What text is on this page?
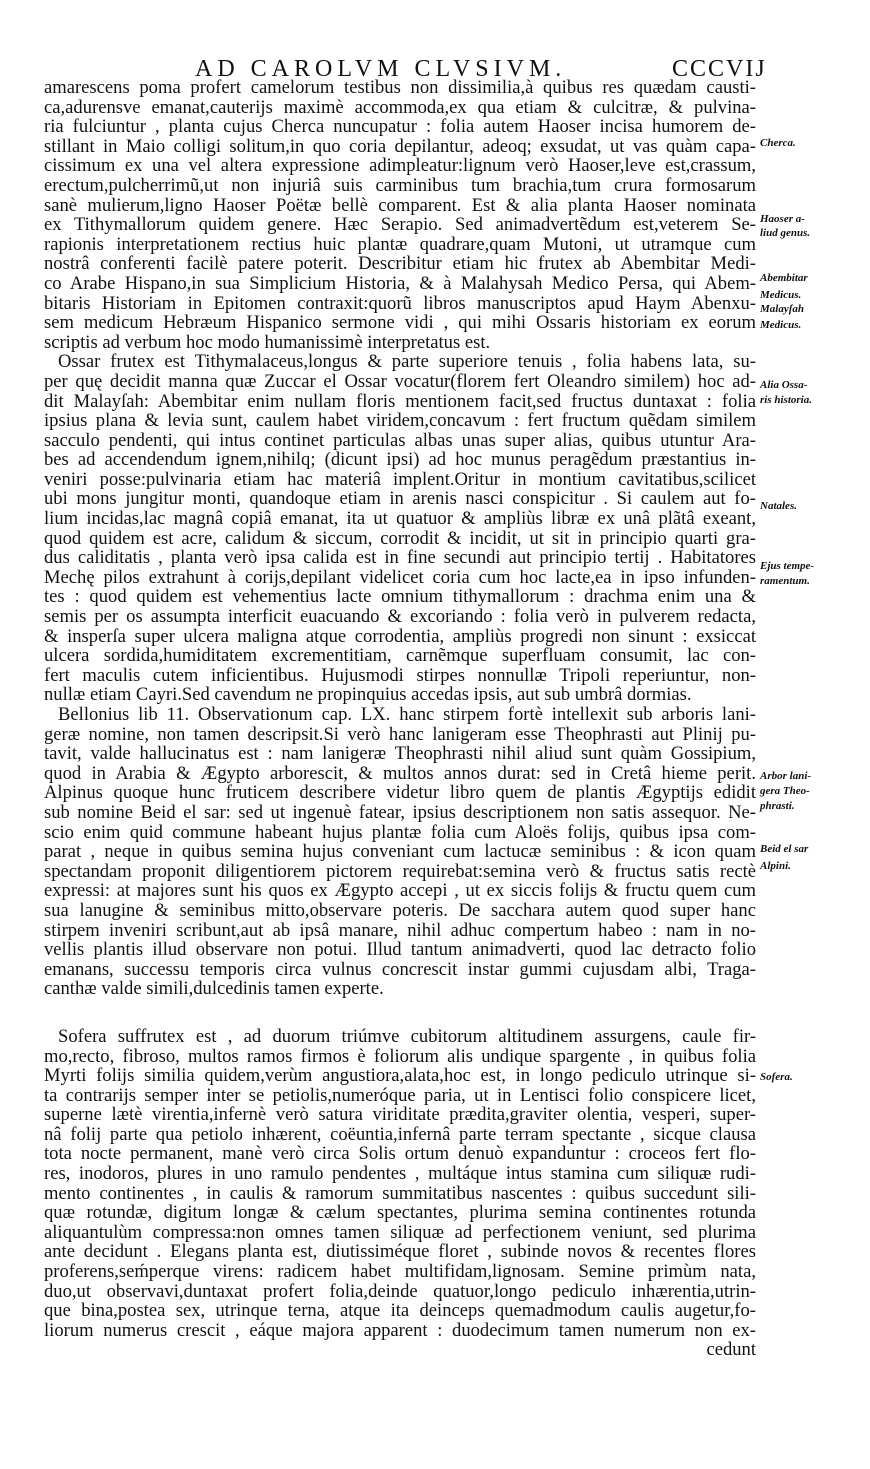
AD CAROLVM CLVSIVM.	CCCVIJ
amarescens poma profert camelorum testibus non dissimilia,à quibus res quædam causti-
ca,adurensve emanat,cauterijs maximè accommoda,ex qua etiam & culcitræ, & pulvina-
ria fulciuntur , planta cujus Cherca nuncupatur : folia autem Haoser incisa humorem de-
stillant in Maio colligi solitum,in quo coria depilantur, adeoq; exsudat, ut vas quàm capa-
cissimum ex una vel altera expressione adimpleatur:lignum verò Haoser,leve est,crassum,
erectum,pulcherrimũ,ut non injuriâ suis carminibus tum brachia,tum crura formosarum
sanè mulierum,ligno Haoser Poëtæ bellè comparent. Est & alia planta Haoser nominata
ex Tithymallorum quidem genere. Hæc Serapio. Sed animadvertẽdum est,veterem Se-
rapionis interpretationem rectius huic plantæ quadrare,quam Mutoni, ut utramque cum
nostrâ conferenti facilè patere poterit. Describitur etiam hic frutex ab Abembitar Medi-
co Arabe Hispano,in sua Simplicium Historia, & à Malahysah Medico Persa, qui Abem-
bitaris Historiam in Epitomen contraxit:quorũ libros manuscriptos apud Haym Abenxu-
sem medicum Hebræum Hispanico sermone vidi , qui mihi Ossaris historiam ex eorum
scriptis ad verbum hoc modo humanissimè interpretatus est.
Ossar frutex est Tithymalaceus,longus & parte superiore tenuis , folia habens lata, su-
per quę decidit manna quæ Zuccar el Ossar vocatur(florem fert Oleandro similem) hoc ad-
dit Malayſah: Abembitar enim nullam floris mentionem facit,sed fructus duntaxat : folia
ipsius plana & levia sunt, caulem habet viridem,concavum : fert fructum quẽdam similem
sacculo pendenti, qui intus continet particulas albas unas super alias, quibus utuntur Ara-
bes ad accendendum ignem,nihilq; (dicunt ipsi) ad hoc munus peragẽdum præstantius in-
veniri posse:pulvinaria etiam hac materiâ implent.Oritur in montium cavitatibus,scilicet
ubi mons jungitur monti, quandoque etiam in arenis nasci conspicitur . Si caulem aut fo-
lium incidas,lac magnâ copiâ emanat, ita ut quatuor & ampliùs libræ ex unâ plãtâ exeant,
quod quidem est acre, calidum & siccum, corrodit & incidit, ut sit in principio quarti gra-
dus caliditatis , planta verò ipsa calida est in fine secundi aut principio tertij . Habitatores
Mechę pilos extrahunt à corijs,depilant videlicet coria cum hoc lacte,ea in ipso infunden-
tes : quod quidem est vehementius lacte omnium tithymallorum : drachma enim una &
semis per os assumpta interficit euacuando & excoriando : folia verò in pulverem redacta,
& insperſa super ulcera maligna atque corrodentia, ampliùs progredi non sinunt : exsiccat
ulcera sordida,humiditatem excrementitiam, carnẽmque superfluam consumit, lac con-
fert maculis cutem inficientibus. Hujusmodi stirpes nonnullæ Tripoli reperiuntur, non-
nullæ etiam Cayri.Sed cavendum ne propinquius accedas ipsis, aut sub umbrâ dormias.
Bellonius lib 11. Observationum cap. LX. hanc stirpem fortè intellexit sub arboris lani-
geræ nomine, non tamen descripsit.Si verò hanc lanigeram esse Theophrasti aut Plinij pu-
tavit, valde hallucinatus est : nam lanigeræ Theophrasti nihil aliud sunt quàm Gossipium,
quod in Arabia & Ægypto arborescit, & multos annos durat: sed in Cretâ hieme perit.
Alpinus quoque hunc fruticem describere videtur libro quem de plantis Ægyptijs edidit
sub nomine Beid el sar: sed ut ingenuè fatear, ipsius descriptionem non satis assequor. Ne-
scio enim quid commune habeant hujus plantæ folia cum Aloës folijs, quibus ipsa com-
parat , neque in quibus semina hujus conveniant cum lactucæ seminibus : & icon quam
spectandam proponit diligentiorem pictorem requirebat:semina verò & fructus satis rectè
expressi: at majores sunt his quos ex Ægypto accepi , ut ex siccis folijs & fructu quem cum
sua lanugine & seminibus mitto,observare poteris. De sacchara autem quod super hanc
stirpem inveniri scribunt,aut ab ipsâ manare, nihil adhuc compertum habeo : nam in no-
vellis plantis illud observare non potui. Illud tantum animadverti, quod lac detracto folio
emanans, successu temporis circa vulnus concrescit instar gummi cujusdam albi, Traga-
canthæ valde simili,dulcedinis tamen experte.
Sofera suffrutex est , ad duorum triúmve cubitorum altitudinem assurgens, caule fir-
mo,recto, fibroso, multos ramos firmos è foliorum alis undique spargente , in quibus folia
Myrti folijs similia quidem,verùm angustiora,alata,hoc est, in longo pediculo utrinque si-
ta contrarijs semper inter se petiolis,numeróque paria, ut in Lentisci folio conspicere licet,
superne lætè virentia,infernè verò satura viriditate prædita,graviter olentia, vesperi, super-
nâ folij parte qua petiolo inhærent, coëuntia,infernâ parte terram spectante , sicque clausa
tota nocte permanent, manè verò circa Solis ortum denuò expanduntur : croceos fert flo-
res, inodoros, plures in uno ramulo pendentes , multáque intus stamina cum siliquæ rudi-
mento continentes , in caulis & ramorum summitatibus nascentes : quibus succedunt sili-
quæ rotundæ, digitum longæ & cælum spectantes, plurima semina continentes rotunda
aliquantulùm compressa:non omnes tamen siliquæ ad perfectionem veniunt, sed plurima
ante decidunt . Elegans planta est, diutissiméque floret , subinde novos & recentes flores
proferens,seḿperque virens: radicem habet multifidam,lignosam. Semine primùm nata,
duo,ut observavi,duntaxat profert folia,deinde quatuor,longo pediculo inhærentia,utrin-
que bina,postea sex, utrinque terna, atque ita deinceps quemadmodum caulis augetur,fo-
liorum numerus crescit , eáque majora apparent : duodecimum tamen numerum non ex-
cedunt
Cherca.
Haoser a-
liud genus.
Abembitar
Medicus.
Malayſah
Medicus.
Alia Ossa-
ris historia.
Natales.
Ejus tempe-
ramentum.
Arbor lani-
gera Theo-
phrasti.
Beid el sar
Alpini.
Sofera.
